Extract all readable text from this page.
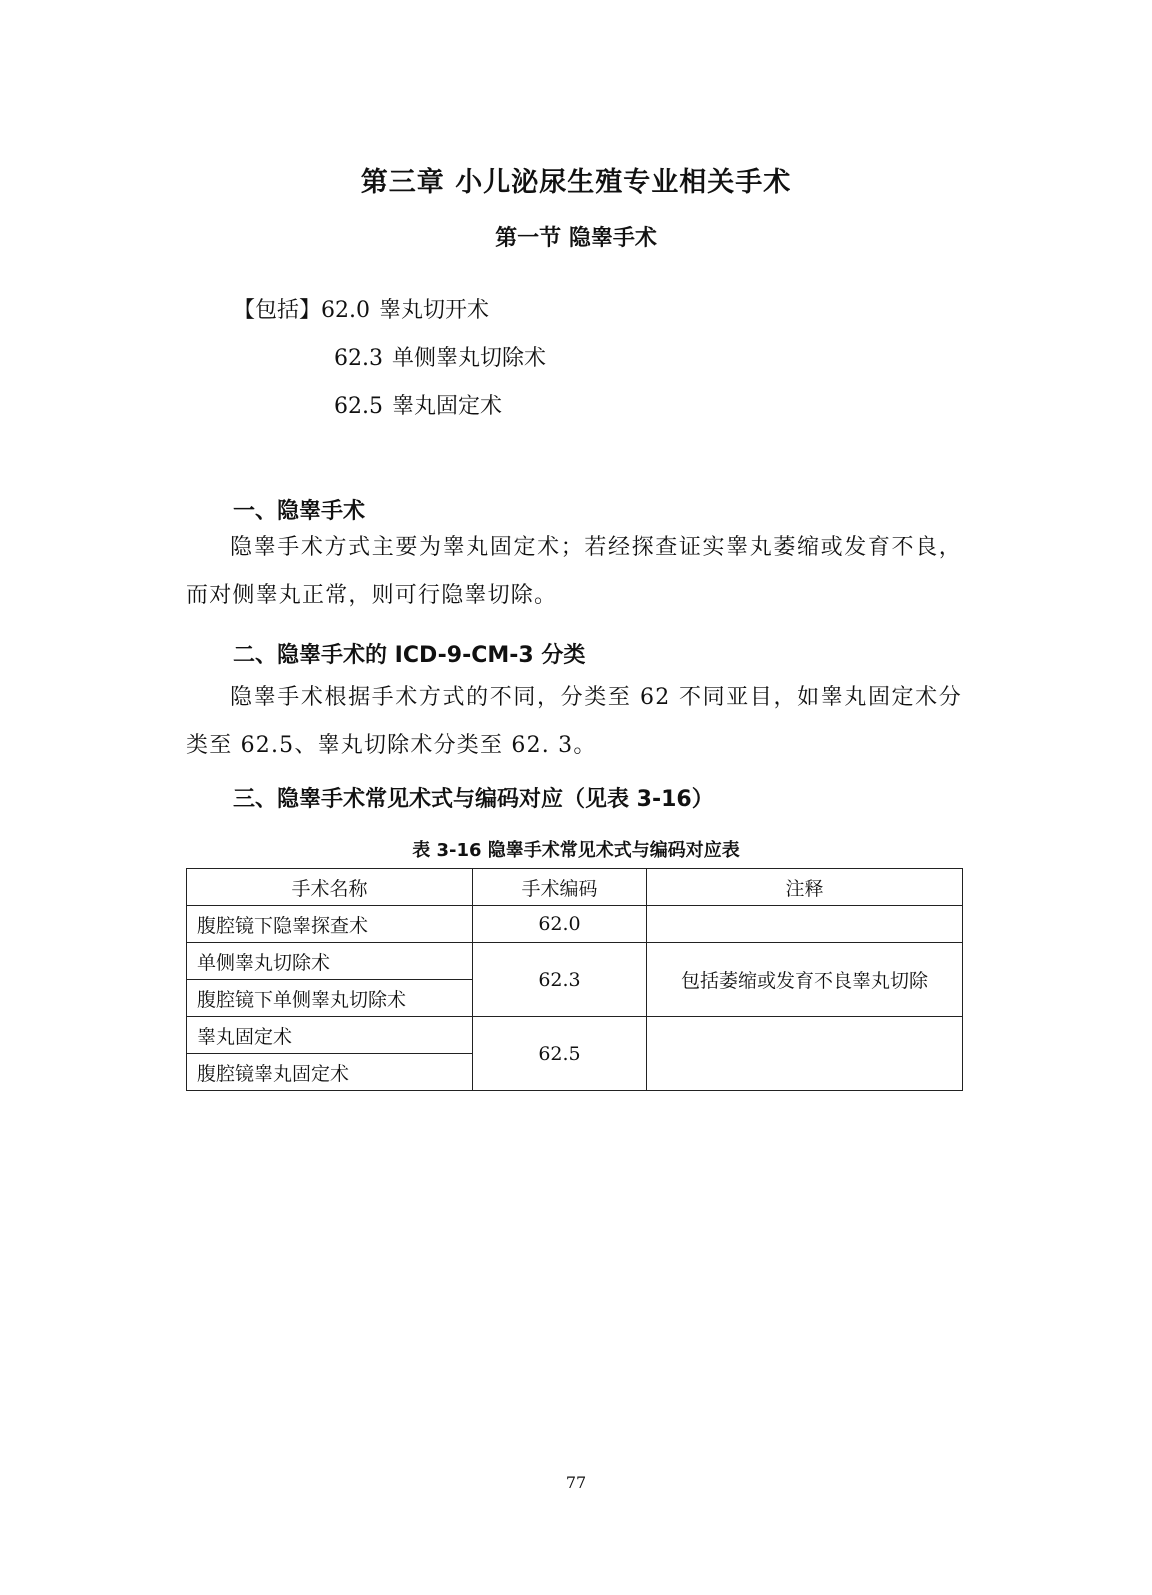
第三章 小儿泌尿生殖专业相关手术
第一节 隐睾手术
【包括】62.0 睾丸切开术
62.3 单侧睾丸切除术
62.5 睾丸固定术
一、隐睾手术
隐睾手术方式主要为睾丸固定术；若经探查证实睾丸萎缩或发育不良，而对侧睾丸正常，则可行隐睾切除。
二、隐睾手术的 ICD-9-CM-3 分类
隐睾手术根据手术方式的不同，分类至 62 不同亚目，如睾丸固定术分类至 62.5、睾丸切除术分类至 62. 3。
三、隐睾手术常见术式与编码对应（见表 3-16）
表 3-16 隐睾手术常见术式与编码对应表
手术名称	手术编码	注释
腹腔镜下隐睾探查术	62.0	
单侧睾丸切除术	62.3	包括萎缩或发育不良睾丸切除
腹腔镜下单侧睾丸切除术		
睾丸固定术	62.5	
腹腔镜睾丸固定术		
77
